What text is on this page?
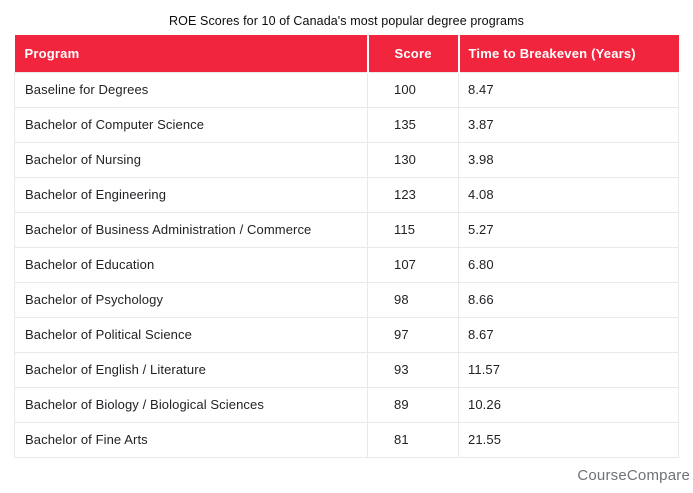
ROE Scores for 10 of Canada's most popular degree programs
Program	Score	Time to Breakeven (Years)
Baseline for Degrees	100	8.47
Bachelor of Computer Science	135	3.87
Bachelor of Nursing	130	3.98
Bachelor of Engineering	123	4.08
Bachelor of Business Administration / Commerce	115	5.27
Bachelor of Education	107	6.80
Bachelor of Psychology	98	8.66
Bachelor of Political Science	97	8.67
Bachelor of English / Literature	93	11.57
Bachelor of Biology / Biological Sciences	89	10.26
Bachelor of Fine Arts	81	21.55
CourseCompare
